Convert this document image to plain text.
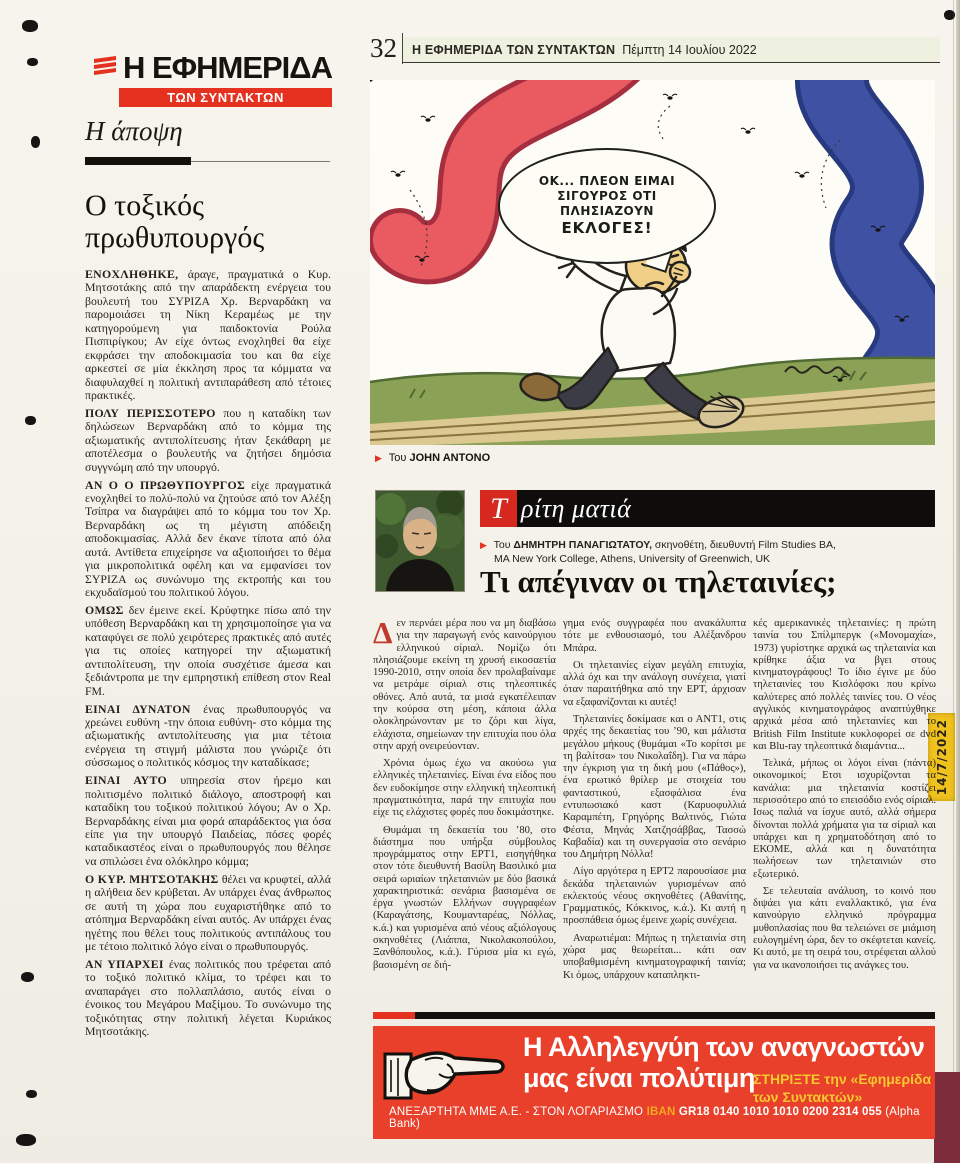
14/7/2022
Η ΕΦΗΜΕΡΙΔΑ
ΤΩΝ ΣΥΝΤΑΚΤΩΝ
32 Η ΕΦΗΜΕΡΙΔΑ ΤΩΝ ΣΥΝΤΑΚΤΩΝ Πέμπτη 14 Ιουλίου 2022
Η άποψη
Ο τοξικός πρωθυπουργός

ΕΝΟΧΛΗΘΗΚΕ, άραγε, πραγματικά ο Κυρ. Μητσοτάκης από την απαράδεκτη ενέργεια του βουλευτή του ΣΥΡΙΖΑ Χρ. Βερναρδάκη να παρομοιάσει τη Νίκη Κεραμέως με την κατηγορούμενη για παιδοκτονία Ρούλα Πισπιρίγκου; Αν είχε όντως ενοχληθεί θα είχε εκφράσει την αποδοκιμασία του και θα είχε αρκεστεί σε μία έκκληση προς τα κόμματα να διαφυλαχθεί η πολιτική αντιπαράθεση από τέτοιες πρακτικές.

ΠΟΛΥ ΠΕΡΙΣΣΟΤΕΡΟ που η καταδίκη των δηλώσεων Βερναρδάκη από το κόμμα της αξιωματικής αντιπολίτευσης ήταν ξεκάθαρη με αποτέλεσμα ο βουλευτής να ζητήσει δημόσια συγγνώμη από την υπουργό.

ΑΝ Ο Ο ΠΡΩΘΥΠΟΥΡΓΟΣ είχε πραγματικά ενοχληθεί το πολύ-πολύ να ζητούσε από τον Αλέξη Τσίπρα να διαγράψει από το κόμμα του τον Χρ. Βερναρδάκη ως τη μέγιστη απόδειξη αποδοκιμασίας. Αλλά δεν έκανε τίποτα από όλα αυτά. Αντίθετα επιχείρησε να αξιοποιήσει το θέμα για μικροπολιτικά οφέλη και να εμφανίσει τον ΣΥΡΙΖΑ ως συνώνυμο της εκτροπής και του εκχυδαϊσμού του πολιτικού λόγου.

ΟΜΩΣ δεν έμεινε εκεί. Κρύφτηκε πίσω από την υπόθεση Βερναρδάκη και τη χρησιμοποίησε για να καταφύγει σε πολύ χειρότερες πρακτικές από αυτές για τις οποίες κατηγορεί την αξιωματική αντιπολίτευση, την οποία συσχέτισε άμεσα και ξεδιάντροπα με την εμπρηστική επίθεση στον Real FM.

ΕΙΝΑΙ ΔΥΝΑΤΟΝ ένας πρωθυπουργός να χρεώνει ευθύνη -την όποια ευθύνη- στο κόμμα της αξιωματικής αντιπολίτευσης για μια τέτοια ενέργεια τη στιγμή μάλιστα που γνώριζε ότι σύσσωμος ο πολιτικός κόσμος την καταδίκασε;

ΕΙΝΑΙ ΑΥΤΟ υπηρεσία στον ήρεμο και πολιτισμένο πολιτικό διάλογο, αποστροφή και καταδίκη του τοξικού πολιτικού λόγου; Αν ο Χρ. Βερναρδάκης είναι μια φορά απαράδεκτος για όσα είπε για την υπουργό Παιδείας, πόσες φορές καταδικαστέος είναι ο πρωθυπουργός που θέλησε να σπιλώσει ένα ολόκληρο κόμμα;

Ο ΚΥΡ. ΜΗΤΣΟΤΑΚΗΣ θέλει να κρυφτεί, αλλά η αλήθεια δεν κρύβεται. Αν υπάρχει ένας άνθρωπος σε αυτή τη χώρα που ευχαριστήθηκε από το ατόπημα Βερναρδάκη είναι αυτός. Αν υπάρχει ένας ηγέτης που θέλει τους πολιτικούς αντιπάλους του με τέτοιο πολιτικό λόγο είναι ο πρωθυπουργός.

ΑΝ ΥΠΑΡΧΕΙ ένας πολιτικός που τρέφεται από το τοξικό πολιτικό κλίμα, το τρέφει και το αναπαράγει στο πολλαπλάσιο, αυτός είναι ο ένοικος του Μεγάρου Μαξίμου. Το συνώνυμο της τοξικότητας στην πολιτική λέγεται Κυριάκος Μητσοτάκης.

ΟΚ... ΠΛΕΟΝ ΕΙΜΑΙ
ΣΙΓΟΥΡΟΣ ΟΤΙ
ΠΛΗΣΙΑΖΟΥΝ
ΕΚΛΟΓΕΣ!
▶ Του JOHN ANTONO
Τ ρίτη ματιά
▶ Του ΔΗΜΗΤΡΗ ΠΑΝΑΓΙΩΤΑΤΟΥ, σκηνοθέτη, διευθυντή Film Studies BA,
MA New York College, Athens, University of Greenwich, UK
Τι απέγιναν οι τηλεταινίες;

Δεν περνάει μέρα που να μη διαβάσω για την παραγωγή ενός καινούργιου ελληνικού σίριαλ. Νομίζω ότι πλησιάζουμε εκείνη τη χρυσή εικοσαετία 1990-2010, στην οποία δεν προλαβαίναμε να μετράμε σίριαλ στις τηλεοπτικές οθόνες. Από αυτά, τα μισά εγκατέλειπαν την κούρσα στη μέση, κάποια άλλα ολοκληρώνονταν με το ζόρι και λίγα, ελάχιστα, σημείωναν την επιτυχία που όλα στην αρχή ονειρεύονταν.

Χρόνια όμως έχω να ακούσω για ελληνικές τηλεταινίες. Είναι ένα είδος που δεν ευδοκίμησε στην ελληνική τηλεοπτική πραγματικότητα, παρά την επιτυχία που είχε τις ελάχιστες φορές που δοκιμάστηκε.

Θυμάμαι τη δεκαετία του ’80, στο διάστημα που υπήρξα σύμβουλος προγράμματος στην ΕΡΤ1, εισηγήθηκα στον τότε διευθυντή Βασίλη Βασιλικό μια σειρά ωριαίων τηλεταινιών με δύο βασικά χαρακτηριστικά: σενάρια βασισμένα σε έργα γνωστών Ελλήνων συγγραφέων (Καραγάτσης, Κουμανταρέας, Νόλλας, κ.ά.) και γυρισμένα από νέους αξιόλογους σκηνοθέτες (Λιάππα, Νικολακοπούλου, Ξανθόπουλος, κ.ά.). Γύρισα μία κι εγώ, βασισμένη σε διή-

γημα ενός συγγραφέα που ανακάλυπτα τότε με ενθουσιασμό, του Αλέξανδρου Μπάρα.

Οι τηλεταινίες είχαν μεγάλη επιτυχία, αλλά όχι και την ανάλογη συνέχεια, γιατί όταν παραιτήθηκα από την ΕΡΤ, άρχισαν να εξαφανίζονται κι αυτές!

Τηλεταινίες δοκίμασε και ο ΑΝΤ1, στις αρχές της δεκαετίας του ’90, και μάλιστα μεγάλου μήκους (θυμάμαι «Το κορίτσι με τη βαλίτσα» του Νικολαΐδη). Για να πάρω την έγκριση για τη δική μου («Πάθος»), ένα ερωτικό θρίλερ με στοιχεία του φανταστικού, εξασφάλισα ένα εντυπωσιακό καστ (Καρυοφυλλιά Καραμπέτη, Γρηγόρης Βαλτινός, Γιώτα Φέστα, Μηνάς Χατζησάββας, Τασσώ Καβαδία) και τη συνεργασία στο σενάριο του Δημήτρη Νόλλα!

Λίγο αργότερα η ΕΡΤ2 παρουσίασε μια δεκάδα τηλεταινιών γυρισμένων από εκλεκτούς νέους σκηνοθέτες (Αθανίτης, Γραμματικός, Κόκκινος, κ.ά.). Κι αυτή η προσπάθεια όμως έμεινε χωρίς συνέχεια.

Αναρωτιέμαι: Μήπως η τηλεταινία στη χώρα μας θεωρείται... κάτι σαν υποβαθμισμένη κινηματογραφική ταινία; Κι όμως, υπάρχουν καταπληκτι-

κές αμερικανικές τηλεταινίες: η πρώτη ταινία του Σπίλμπεργκ («Μονομαχία», 1973) γυρίστηκε αρχικά ως τηλεταινία και κρίθηκε άξια να βγει στους κινηματογράφους! Το ίδιο έγινε με δύο τηλεταινίες του Κισλόφσκι που κρίνω καλύτερες από πολλές ταινίες του. Ο νέος αγγλικός κινηματογράφος αναπτύχθηκε αρχικά μέσα από τηλεταινίες και το British Film Institute κυκλοφορεί σε dvd και Blu-ray τηλεοπτικά διαμάντια...

Τελικά, μήπως οι λόγοι είναι (πάντα) οικονομικοί; Ετσι ισχυρίζονται τα κανάλια: μια τηλεταινία κοστίζει περισσότερο από το επεισόδιο ενός σίριαλ. Ισως παλιά να ίσχυε αυτό, αλλά σήμερα δίνονται πολλά χρήματα για τα σίριαλ και υπάρχει και η χρηματοδότηση από το ΕΚΟΜΕ, αλλά και η δυνατότητα πωλήσεων των τηλεταινιών στο εξωτερικό.

Σε τελευταία ανάλυση, το κοινό που διψάει για κάτι εναλλακτικό, για ένα καινούργιο ελληνικό πρόγραμμα μυθοπλασίας που θα τελειώνει σε μιάμιση ευλογημένη ώρα, δεν το σκέφτεται κανείς. Κι αυτό, με τη σειρά του, στρέφεται αλλού για να ικανοποιήσει τις ανάγκες του.

Η Αλληλεγγύη των αναγνωστών
μας είναι πολύτιμη
ΣΤΗΡΙΞΤΕ την «Εφημερίδα
των Συντακτών»
ΑΝΕΞΑΡΤΗΤΑ ΜΜΕ Α.Ε. - ΣΤΟΝ ΛΟΓΑΡΙΑΣΜΟ ΙΒΑΝ GR18 0140 1010 1010 0200 2314 055 (Alpha Bank)
